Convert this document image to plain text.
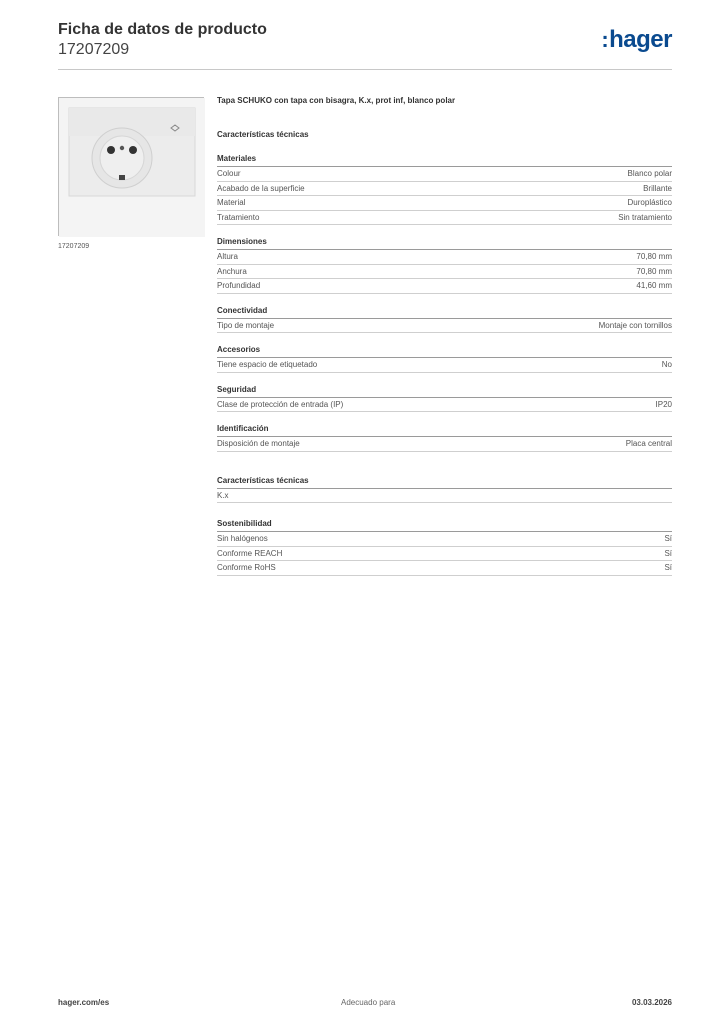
Ficha de datos de producto
17207209	:hager
17207209
Tapa SCHUKO con tapa con bisagra, K.x, prot inf, blanco polar
Características técnicas
Materiales
Colour	Blanco polar
Acabado de la superficie	Brillante
Material	Duroplástico
Tratamiento	Sin tratamiento
Dimensiones
Altura	70,80 mm
Anchura	70,80 mm
Profundidad	41,60 mm
Conectividad
Tipo de montaje	Montaje con tornillos
Accesorios
Tiene espacio de etiquetado	No
Seguridad
Clase de protección de entrada (IP)	IP20
Identificación
Disposición de montaje	Placa central
Características técnicas
K.x
Sostenibilidad
Sin halógenos	Sí
Conforme REACH	Sí
Conforme RoHS	Sí
hager.com/es	Adecuado para	03.03.2026
